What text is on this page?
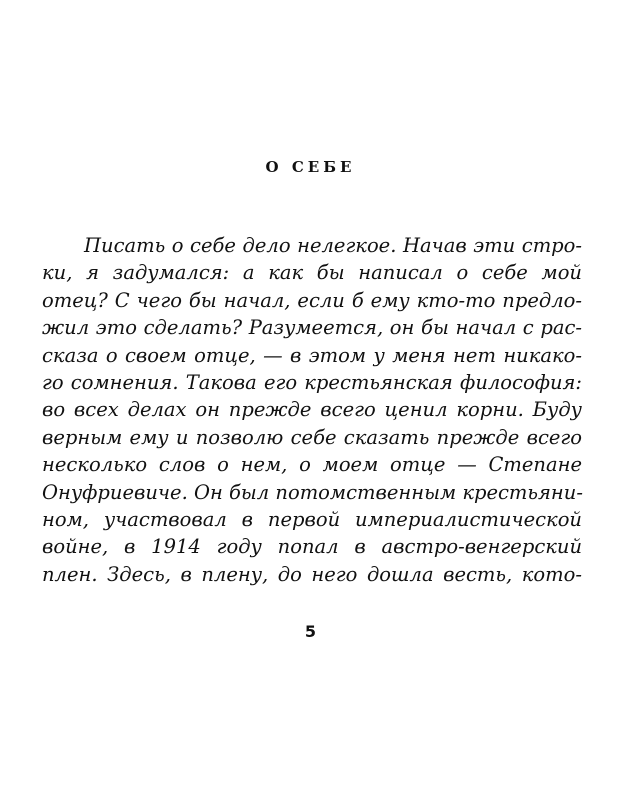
О СЕБЕ
Писать о себе дело нелегкое. Начав эти стро-
ки, я задумался: а как бы написал о себе мой
отец? С чего бы начал, если б ему кто-то предло-
жил это сделать? Разумеется, он бы начал с рас-
сказа о своем отце, — в этом у меня нет никако-
го сомнения. Такова его крестьянская философия:
во всех делах он прежде всего ценил корни. Буду
верным ему и позволю себе сказать прежде всего
несколько слов о нем, о моем отце — Степане
Онуфриевиче. Он был потомственным крестьяни-
ном, участвовал в первой империалистической
войне, в 1914 году попал в австро-венгерский
плен. Здесь, в плену, до него дошла весть, кото-
5
